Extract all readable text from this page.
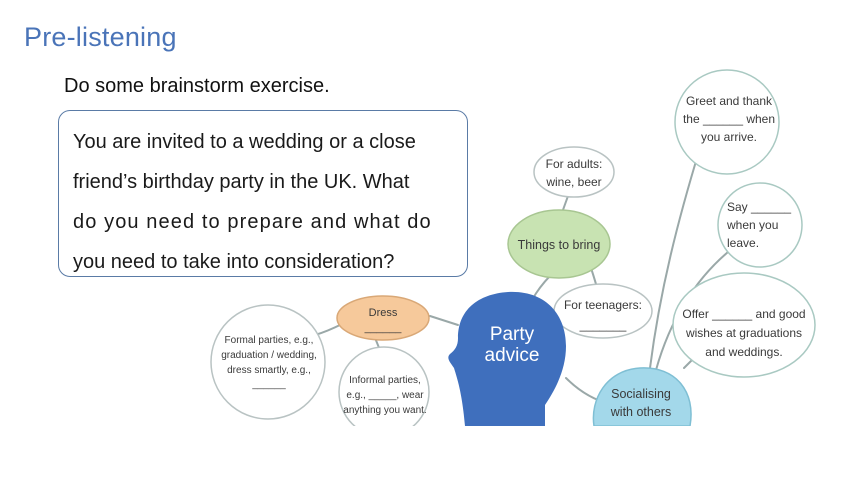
Pre-listening
Do some brainstorm exercise.
You are invited to a wedding or a close
friend’s birthday party in the UK. What
do you need to prepare and what do
you need to take into consideration?
Greet and thank
the ______ when
you arrive.
For adults:
wine, beer
Things to bring
Say ______
when you
leave.
For teenagers:
_______
Offer ______ and good
wishes at graduations
and weddings.
Dress
______
Formal parties, e.g.,
graduation / wedding,
dress smartly, e.g.,
______	Informal parties,
e.g., _____, wear
anything you want.
Party
advice
Socialising
with others
